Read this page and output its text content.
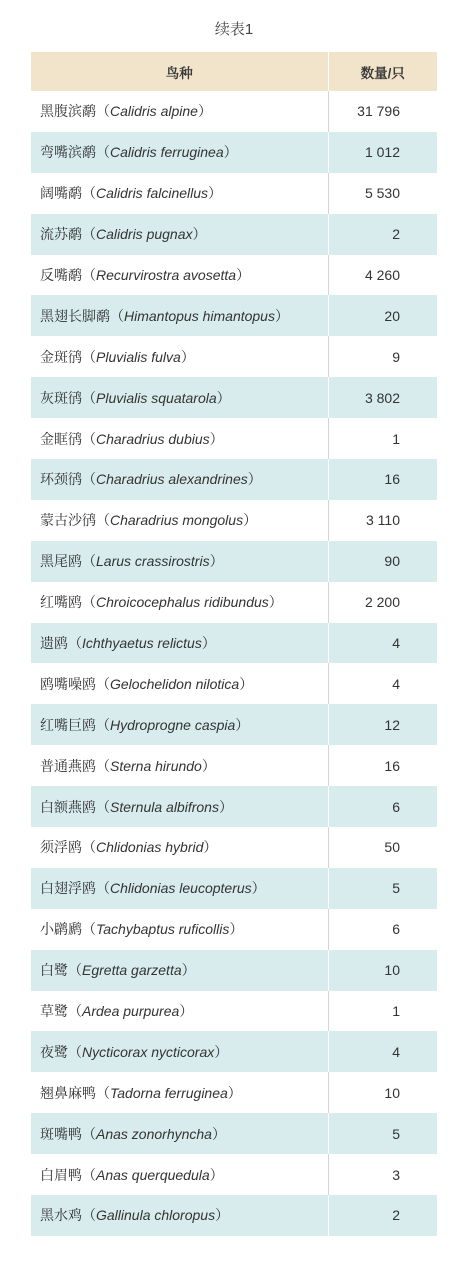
续表1
鸟种	数量/只
黑腹滨鹬（Calidris alpine）	31 796
弯嘴滨鹬（Calidris ferruginea）	1 012
阔嘴鹬（Calidris falcinellus）	5 530
流苏鹬（Calidris pugnax）	2
反嘴鹬（Recurvirostra avosetta）	4 260
黑翅长脚鹬（Himantopus himantopus）	20
金斑鸻（Pluvialis fulva）	9
灰斑鸻（Pluvialis squatarola）	3 802
金眶鸻（Charadrius dubius）	1
环颈鸻（Charadrius alexandrines）	16
蒙古沙鸻（Charadrius mongolus）	3 110
黑尾鸥（Larus crassirostris）	90
红嘴鸥（Chroicocephalus ridibundus）	2 200
遗鸥（Ichthyaetus relictus）	4
鸥嘴噪鸥（Gelochelidon nilotica）	4
红嘴巨鸥（Hydroprogne caspia）	12
普通燕鸥（Sterna hirundo）	16
白额燕鸥（Sternula albifrons）	6
须浮鸥（Chlidonias hybrid）	50
白翅浮鸥（Chlidonias leucopterus）	5
小䴙䴘（Tachybaptus ruficollis）	6
白鹭（Egretta garzetta）	10
草鹭（Ardea purpurea）	1
夜鹭（Nycticorax nycticorax）	4
翘鼻麻鸭（Tadorna ferruginea）	10
斑嘴鸭（Anas zonorhyncha）	5
白眉鸭（Anas querquedula）	3
黑水鸡（Gallinula chloropus）	2
